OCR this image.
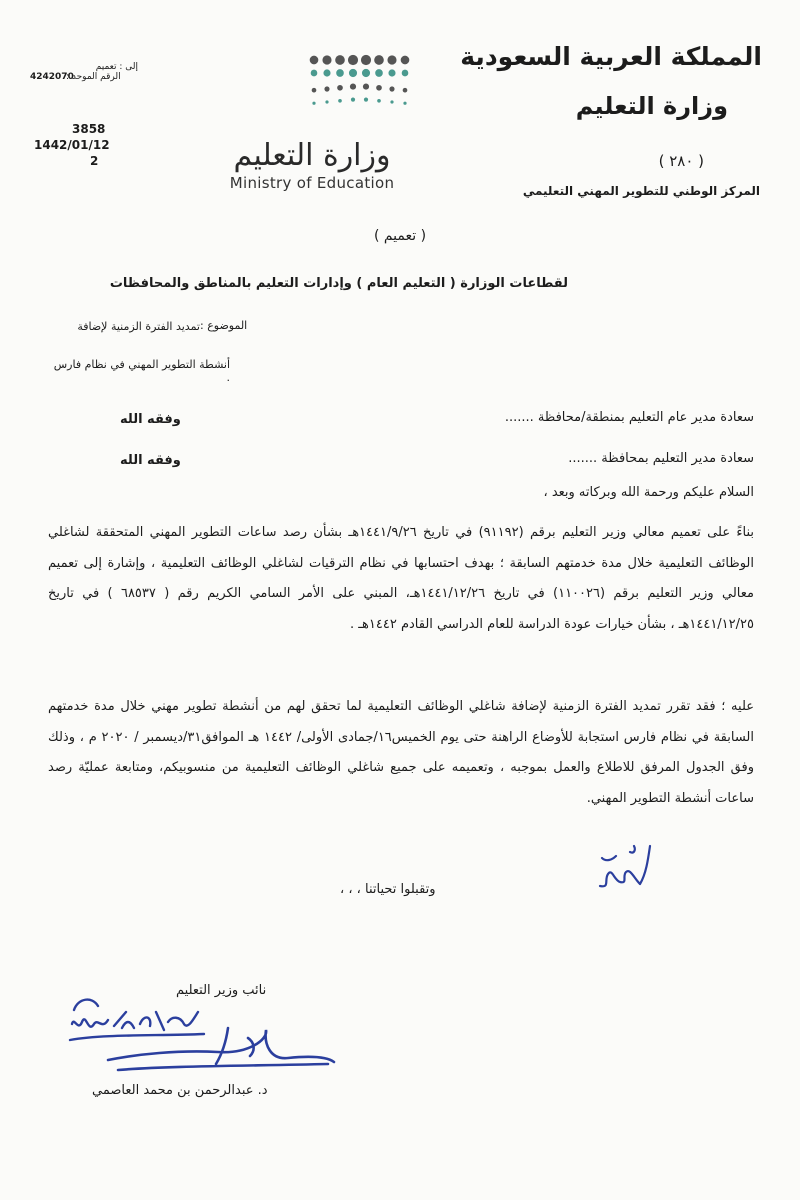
المملكة العربية السعودية
وزارة التعليم
( ٢٨٠ )
المركز الوطني للتطوير المهني التعليمي
وزارة التعليم
Ministry of Education
إلى : تعميم
الرقم الموحد :
4242070
3858
1442/01/12
2
( تعميم )
لقطاعات الوزارة ( التعليم العام ) وإدارات التعليم بالمناطق والمحافظات
الموضوع :
تمديد الفترة الزمنية لإضافة
أنشطة التطوير المهني في نظام فارس .
سعادة مدير عام التعليم بمنطقة/محافظة .......
وفقه الله
سعادة مدير التعليم بمحافظة .......
وفقه الله
السلام عليكم ورحمة الله وبركاته وبعد ،
بناءً على تعميم معالي وزير التعليم برقم (٩١١٩٢) في تاريخ ١٤٤١/٩/٢٦هـ بشأن رصد ساعات التطوير المهني المتحققة لشاغلي الوظائف التعليمية خلال مدة خدمتهم السابقة ؛ بهدف احتسابها في نظام الترقيات لشاغلي الوظائف التعليمية ، وإشارة إلى تعميم معالي وزير التعليم برقم (١١٠٠٢٦) في تاريخ ١٤٤١/١٢/٢٦هـ، المبني على الأمر السامي الكريم رقم ( ٦٨٥٣٧ ) في تاريخ ١٤٤١/١٢/٢٥هـ ، بشأن خيارات عودة الدراسة للعام الدراسي القادم ١٤٤٢هـ .
عليه ؛ فقد تقرر تمديد الفترة الزمنية لإضافة شاغلي الوظائف التعليمية لما تحقق لهم من أنشطة تطوير مهني خلال مدة خدمتهم السابقة في نظام فارس استجابة للأوضاع الراهنة حتى يوم الخميس١٦/جمادى الأولى/ ١٤٤٢ هـ الموافق٣١/ديسمبر / ٢٠٢٠ م ، وذلك وفق الجدول المرفق للاطلاع والعمل بموجبه ، وتعميمه على جميع شاغلي الوظائف التعليمية من منسوبيكم، ومتابعة عمليّة رصد ساعات أنشطة التطوير المهني.
وتقبلوا تحياتنا ، ، ،
نائب وزير التعليم
د. عبدالرحمن بن محمد العاصمي
